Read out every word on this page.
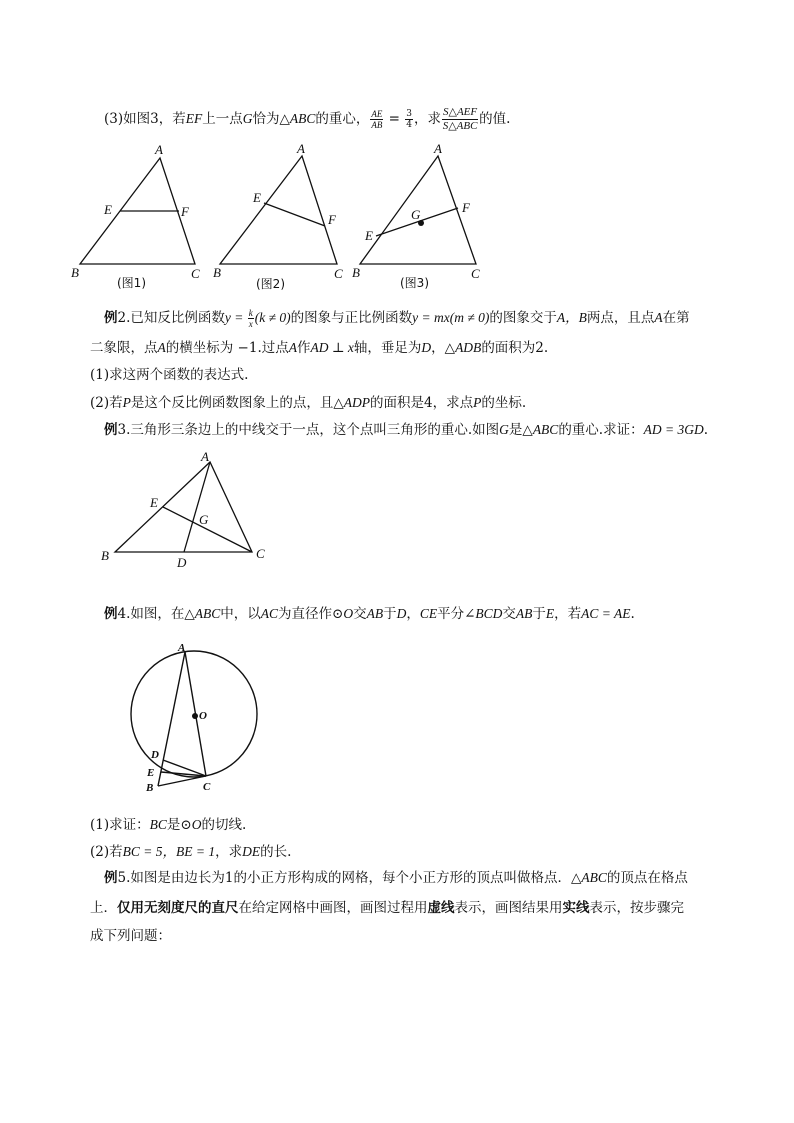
(3)如图3，若EF上一点G恰为△ABC的重心， $\frac{AE}{AB} = \frac{3}{4}$ ，求 $\frac{\text{S△AEF}}{\text{S△ABC}}$ 的值.
A
E	F
B	C
(图1)
A
E
F
B	C
(图2)
A
G	F
E
B	C
(图3)
例2.已知反比例函数$y = \frac{k}{x} (k \ne 0)$的图象与正比例函数y = mx(m ≠ 0)的图象交于A，B两点，且点A在第
二象限，点A的横坐标为 −1.过点A作AD ⊥ x轴，垂足为D，△ADB的面积为2.
(1)求这两个函数的表达式.
(2)若P是这个反比例函数图象上的点，且△ADP的面积是4，求点P的坐标.
例3.三角形三条边上的中线交于一点，这个点叫三角形的重心.如图G是△ABC的重心.求证：AD = 3GD.
A
E
G
B	D
C
例4.如图，在△ABC中，以AC为直径作⊙O交AB于D，CE平分∠BCD交AB于E，若AC = AE.
A
O
D
E
B	C
(1)求证：BC是⊙O的切线.
(2)若BC = 5，BE = 1，求DE的长.
例5.如图是由边长为1的小正方形构成的网格，每个小正方形的顶点叫做格点．△ABC的顶点在格点
上．仅用无刻度尺的直尺在给定网格中画图，画图过程用虚线表示，画图结果用实线表示，按步骤完
成下列问题：
